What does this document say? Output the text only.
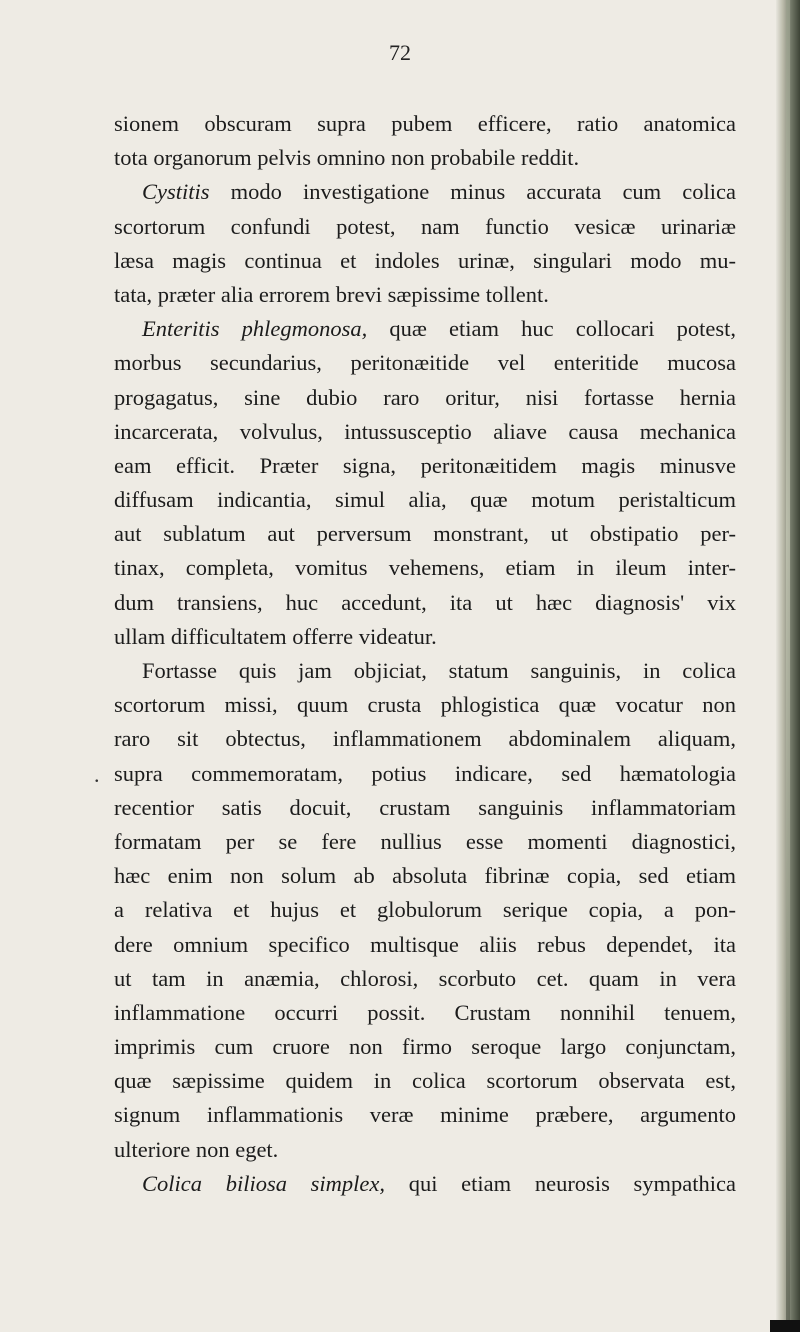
72
.
sionem obscuram supra pubem efficere, ratio anatomica
tota organorum pelvis omnino non probabile reddit.
Cystitis modo investigatione minus accurata cum colica
scortorum confundi potest, nam functio vesicæ urinariæ
læsa magis continua et indoles urinæ, singulari modo mu-
tata, præter alia errorem brevi sæpissime tollent.
Enteritis phlegmonosa, quæ etiam huc collocari potest,
morbus secundarius, peritonæitide vel enteritide mucosa
progagatus, sine dubio raro oritur, nisi fortasse hernia
incarcerata, volvulus, intussusceptio aliave causa mechanica
eam efficit. Præter signa, peritonæitidem magis minusve
diffusam indicantia, simul alia, quæ motum peristalticum
aut sublatum aut perversum monstrant, ut obstipatio per-
tinax, completa, vomitus vehemens, etiam in ileum inter-
dum transiens, huc accedunt, ita ut hæc diagnosis' vix
ullam difficultatem offerre videatur.
Fortasse quis jam objiciat, statum sanguinis, in colica
scortorum missi, quum crusta phlogistica quæ vocatur non
raro sit obtectus, inflammationem abdominalem aliquam,
supra commemoratam, potius indicare, sed hæmatologia
recentior satis docuit, crustam sanguinis inflammatoriam
formatam per se fere nullius esse momenti diagnostici,
hæc enim non solum ab absoluta fibrinæ copia, sed etiam
a relativa et hujus et globulorum serique copia, a pon-
dere omnium specifico multisque aliis rebus dependet, ita
ut tam in anæmia, chlorosi, scorbuto cet. quam in vera
inflammatione occurri possit. Crustam nonnihil tenuem,
imprimis cum cruore non firmo seroque largo conjunctam,
quæ sæpissime quidem in colica scortorum observata est,
signum inflammationis veræ minime præbere, argumento
ulteriore non eget.
Colica biliosa simplex, qui etiam neurosis sympathica
